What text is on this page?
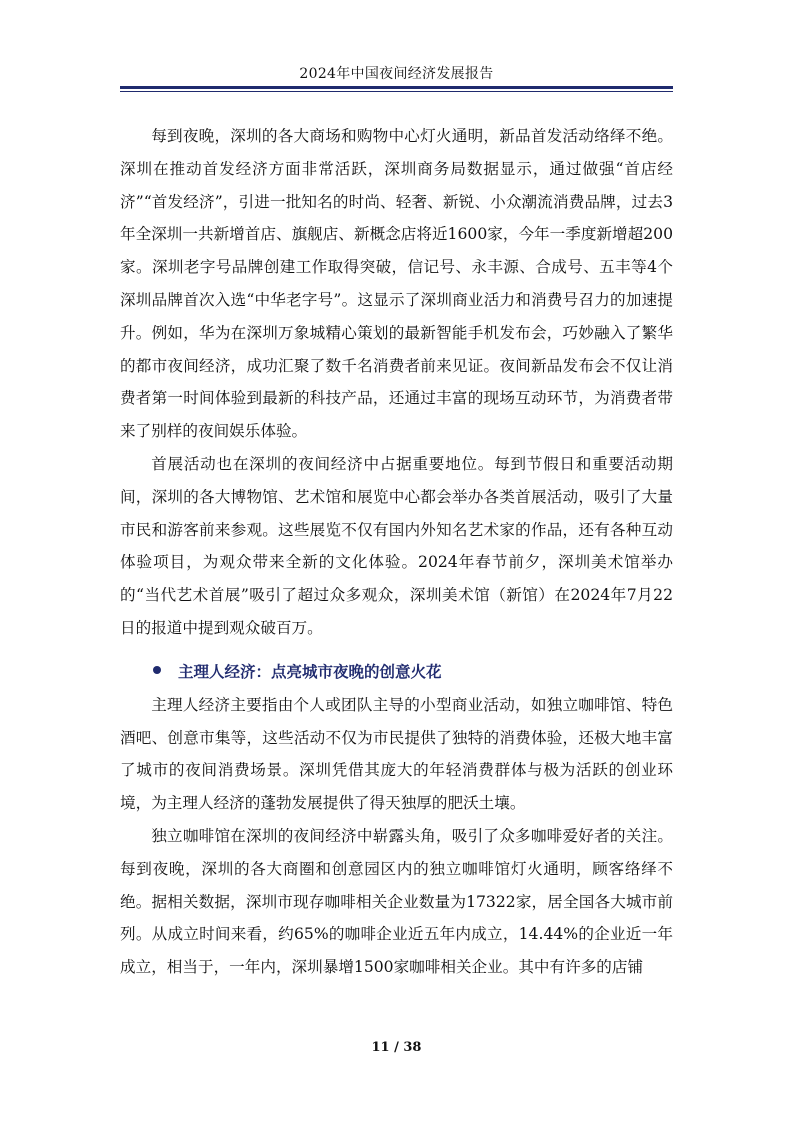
2024年中国夜间经济发展报告

每到夜晚，深圳的各大商场和购物中心灯火通明，新品首发活动络绎不绝。深圳在推动首发经济方面非常活跃，深圳商务局数据显示，通过做强“首店经济”“首发经济”，引进一批知名的时尚、轻奢、新锐、小众潮流消费品牌，过去3年全深圳一共新增首店、旗舰店、新概念店将近1600家，今年一季度新增超200家。深圳老字号品牌创建工作取得突破，信记号、永丰源、合成号、五丰等4个深圳品牌首次入选“中华老字号”。这显示了深圳商业活力和消费号召力的加速提升。例如，华为在深圳万象城精心策划的最新智能手机发布会，巧妙融入了繁华的都市夜间经济，成功汇聚了数千名消费者前来见证。夜间新品发布会不仅让消费者第一时间体验到最新的科技产品，还通过丰富的现场互动环节，为消费者带来了别样的夜间娱乐体验。

首展活动也在深圳的夜间经济中占据重要地位。每到节假日和重要活动期间，深圳的各大博物馆、艺术馆和展览中心都会举办各类首展活动，吸引了大量市民和游客前来参观。这些展览不仅有国内外知名艺术家的作品，还有各种互动体验项目，为观众带来全新的文化体验。2024年春节前夕，深圳美术馆举办的“当代艺术首展”吸引了超过众多观众，深圳美术馆（新馆）在2024年7月22日的报道中提到观众破百万。

主理人经济：点亮城市夜晚的创意火花

主理人经济主要指由个人或团队主导的小型商业活动，如独立咖啡馆、特色酒吧、创意市集等，这些活动不仅为市民提供了独特的消费体验，还极大地丰富了城市的夜间消费场景。深圳凭借其庞大的年轻消费群体与极为活跃的创业环境，为主理人经济的蓬勃发展提供了得天独厚的肥沃土壤。

独立咖啡馆在深圳的夜间经济中崭露头角，吸引了众多咖啡爱好者的关注。每到夜晚，深圳的各大商圈和创意园区内的独立咖啡馆灯火通明，顾客络绎不绝。据相关数据，深圳市现存咖啡相关企业数量为17322家，居全国各大城市前列。从成立时间来看，约65%的咖啡企业近五年内成立，14.44%的企业近一年成立，相当于，一年内，深圳暴增1500家咖啡相关企业。其中有许多的店铺

11 / 38
